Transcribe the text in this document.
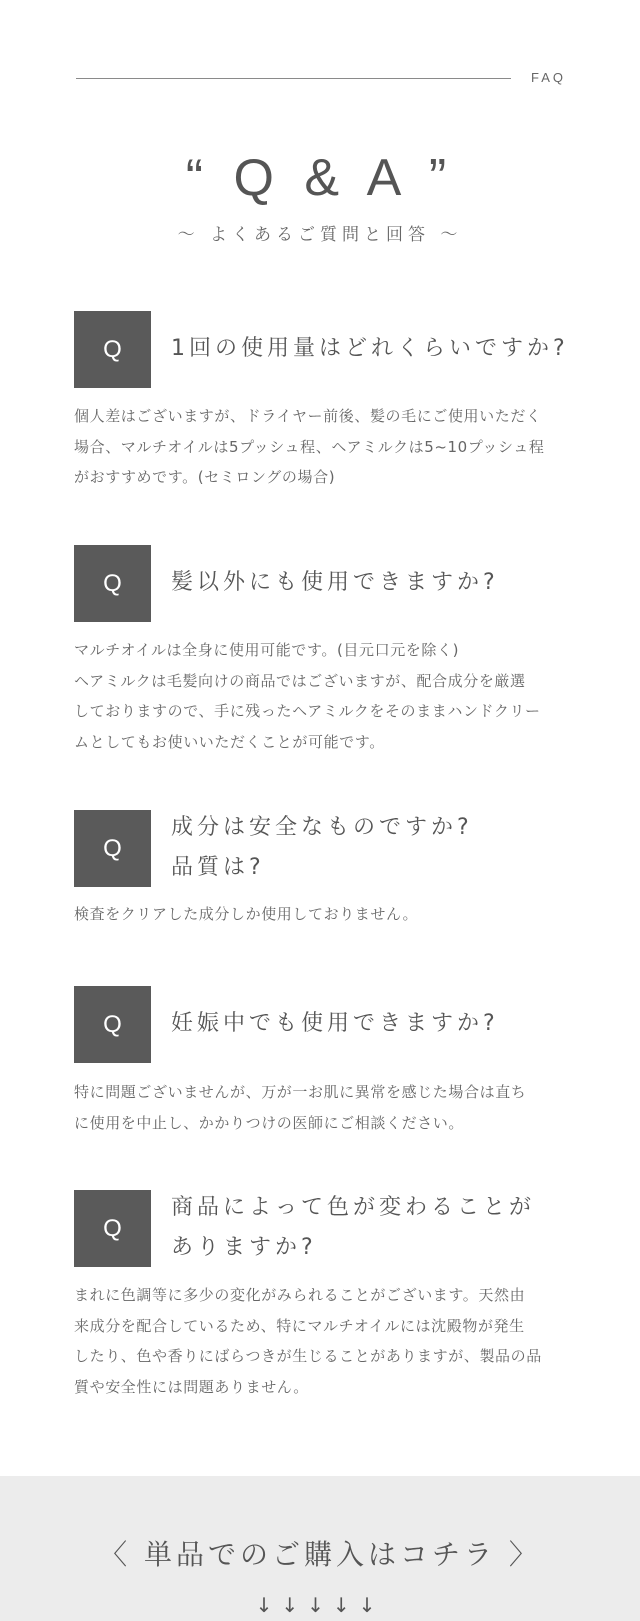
FAQ
“ Q & A ”
～ よくあるご質問と回答 ～
Q	1回の使用量はどれくらいですか?
個人差はございますが、ドライヤー前後、髪の毛にご使用いただく
場合、マルチオイルは5プッシュ程、ヘアミルクは5~10プッシュ程
がおすすめです。(セミロングの場合)
Q	髪以外にも使用できますか?
マルチオイルは全身に使用可能です。(目元口元を除く)
ヘアミルクは毛髪向けの商品ではございますが、配合成分を厳選
しておりますので、手に残ったヘアミルクをそのままハンドクリー
ムとしてもお使いいただくことが可能です。
Q
成分は安全なものですか?
品質は?
検査をクリアした成分しか使用しておりません。
Q	妊娠中でも使用できますか?
特に問題ございませんが、万が一お肌に異常を感じた場合は直ち
に使用を中止し、かかりつけの医師にご相談ください。
Q
商品によって色が変わることが
ありますか?
まれに色調等に多少の変化がみられることがございます。天然由
来成分を配合しているため、特にマルチオイルには沈殿物が発生
したり、色や香りにばらつきが生じることがありますが、製品の品
質や安全性には問題ありません。
〈 単品でのご購入はコチラ 〉
↓↓↓↓↓
